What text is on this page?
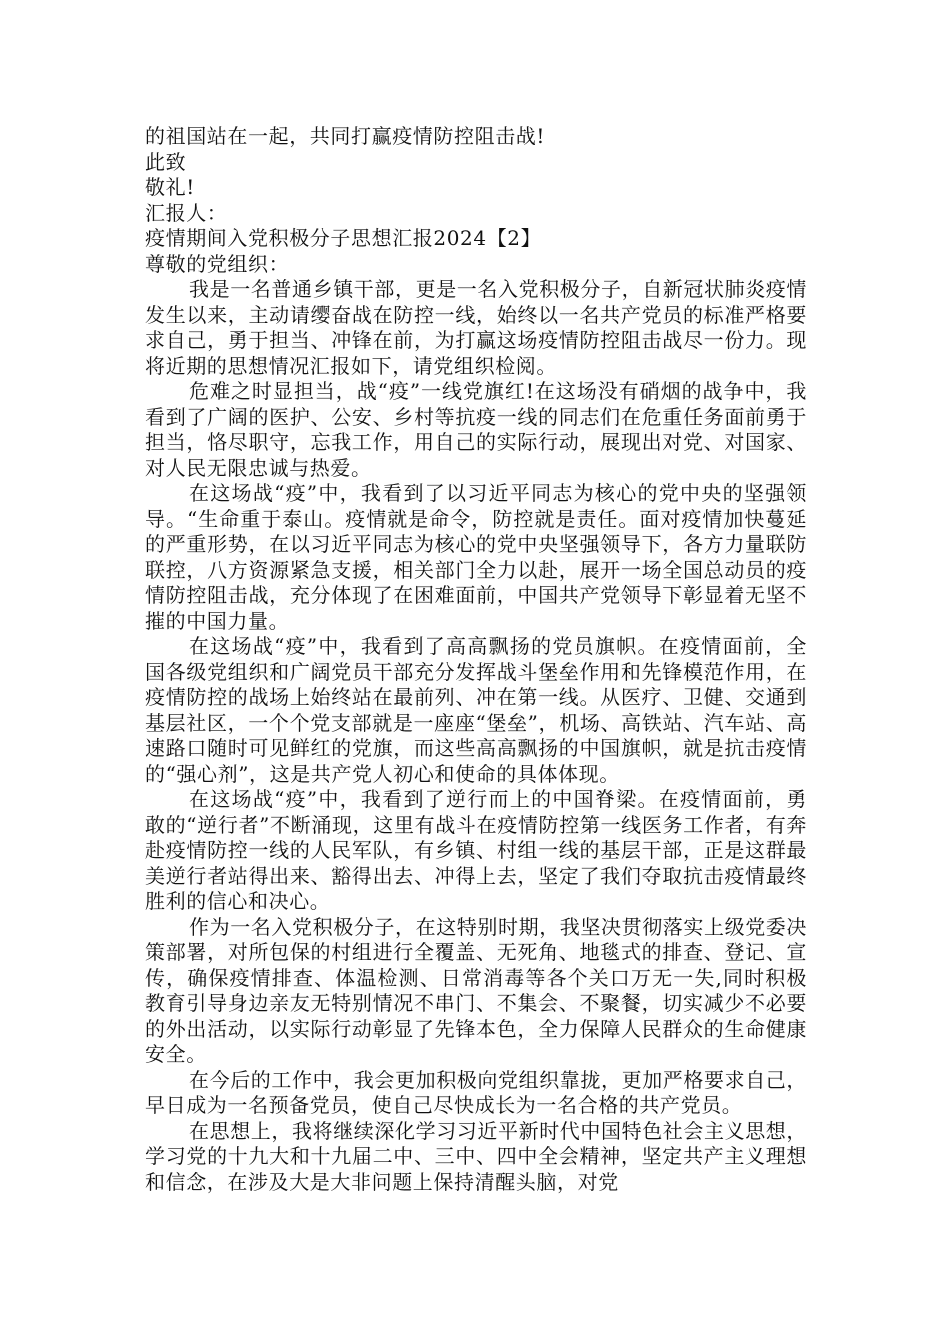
的祖国站在一起，共同打赢疫情防控阻击战!

此致

敬礼!

汇报人：

疫情期间入党积极分子思想汇报2024【2】

尊敬的党组织：

我是一名普通乡镇干部，更是一名入党积极分子，自新冠状肺炎疫情发生以来，主动请缨奋战在防控一线，始终以一名共产党员的标准严格要求自己，勇于担当、冲锋在前，为打赢这场疫情防控阻击战尽一份力。现将近期的思想情况汇报如下，请党组织检阅。

危难之时显担当，战“疫”一线党旗红!在这场没有硝烟的战争中，我看到了广阔的医护、公安、乡村等抗疫一线的同志们在危重任务面前勇于担当，恪尽职守，忘我工作，用自己的实际行动，展现出对党、对国家、对人民无限忠诚与热爱。

在这场战“疫”中，我看到了以习近平同志为核心的党中央的坚强领导。“生命重于泰山。疫情就是命令，防控就是责任。面对疫情加快蔓延的严重形势，在以习近平同志为核心的党中央坚强领导下，各方力量联防联控，八方资源紧急支援，相关部门全力以赴，展开一场全国总动员的疫情防控阻击战，充分体现了在困难面前，中国共产党领导下彰显着无坚不摧的中国力量。

在这场战“疫”中，我看到了高高飘扬的党员旗帜。在疫情面前，全国各级党组织和广阔党员干部充分发挥战斗堡垒作用和先锋模范作用，在疫情防控的战场上始终站在最前列、冲在第一线。从医疗、卫健、交通到基层社区，一个个党支部就是一座座“堡垒”，机场、高铁站、汽车站、高速路口随时可见鲜红的党旗，而这些高高飘扬的中国旗帜，就是抗击疫情的“强心剂”，这是共产党人初心和使命的具体体现。

在这场战“疫”中，我看到了逆行而上的中国脊梁。在疫情面前，勇敢的“逆行者”不断涌现，这里有战斗在疫情防控第一线医务工作者，有奔赴疫情防控一线的人民军队，有乡镇、村组一线的基层干部，正是这群最美逆行者站得出来、豁得出去、冲得上去，坚定了我们夺取抗击疫情最终胜利的信心和决心。

作为一名入党积极分子，在这特别时期，我坚决贯彻落实上级党委决策部署，对所包保的村组进行全覆盖、无死角、地毯式的排查、登记、宣传，确保疫情排查、体温检测、日常消毒等各个关口万无一失,同时积极教育引导身边亲友无特别情况不串门、不集会、不聚餐，切实减少不必要的外出活动，以实际行动彰显了先锋本色，全力保障人民群众的生命健康安全。

在今后的工作中，我会更加积极向党组织靠拢，更加严格要求自己，早日成为一名预备党员，使自己尽快成长为一名合格的共产党员。

在思想上，我将继续深化学习习近平新时代中国特色社会主义思想，学习党的十九大和十九届二中、三中、四中全会精神，坚定共产主义理想和信念，在涉及大是大非问题上保持清醒头脑，对党
